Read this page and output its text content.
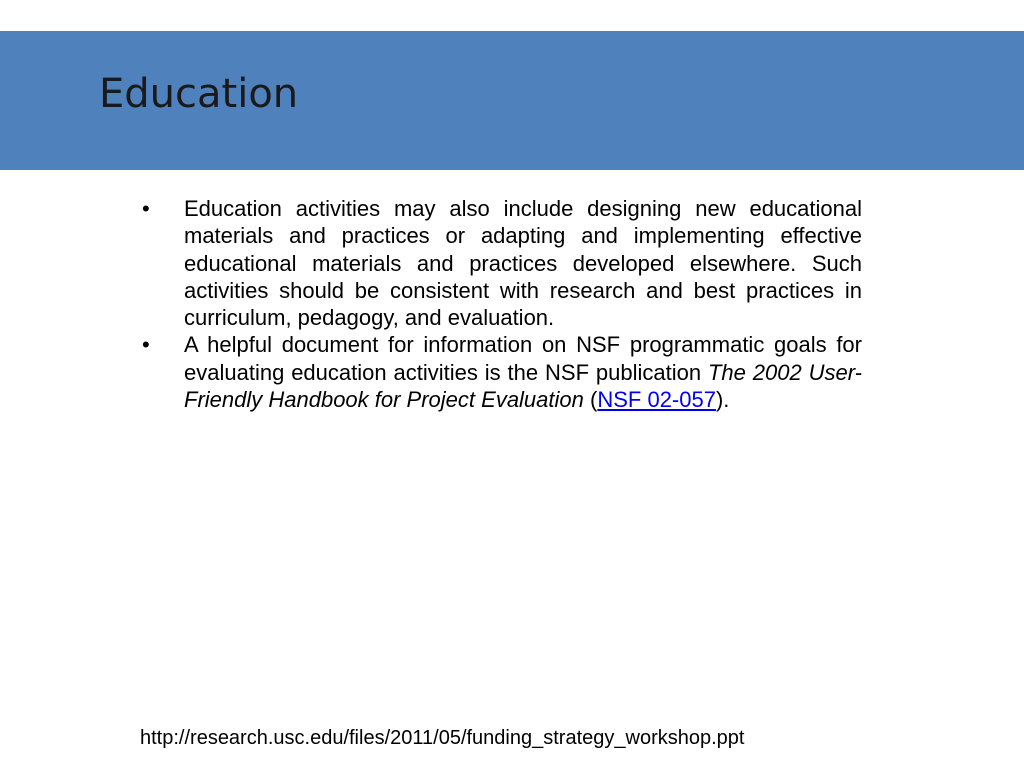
Education
• Education activities may also include designing new educational materials and practices or adapting and implementing effective educational materials and practices developed elsewhere. Such activities should be consistent with research and best practices in curriculum, pedagogy, and evaluation.
• A helpful document for information on NSF programmatic goals for evaluating education activities is the NSF publication The 2002 User-Friendly Handbook for Project Evaluation (NSF 02-057).
http://research.usc.edu/files/2011/05/funding_strategy_workshop.ppt
